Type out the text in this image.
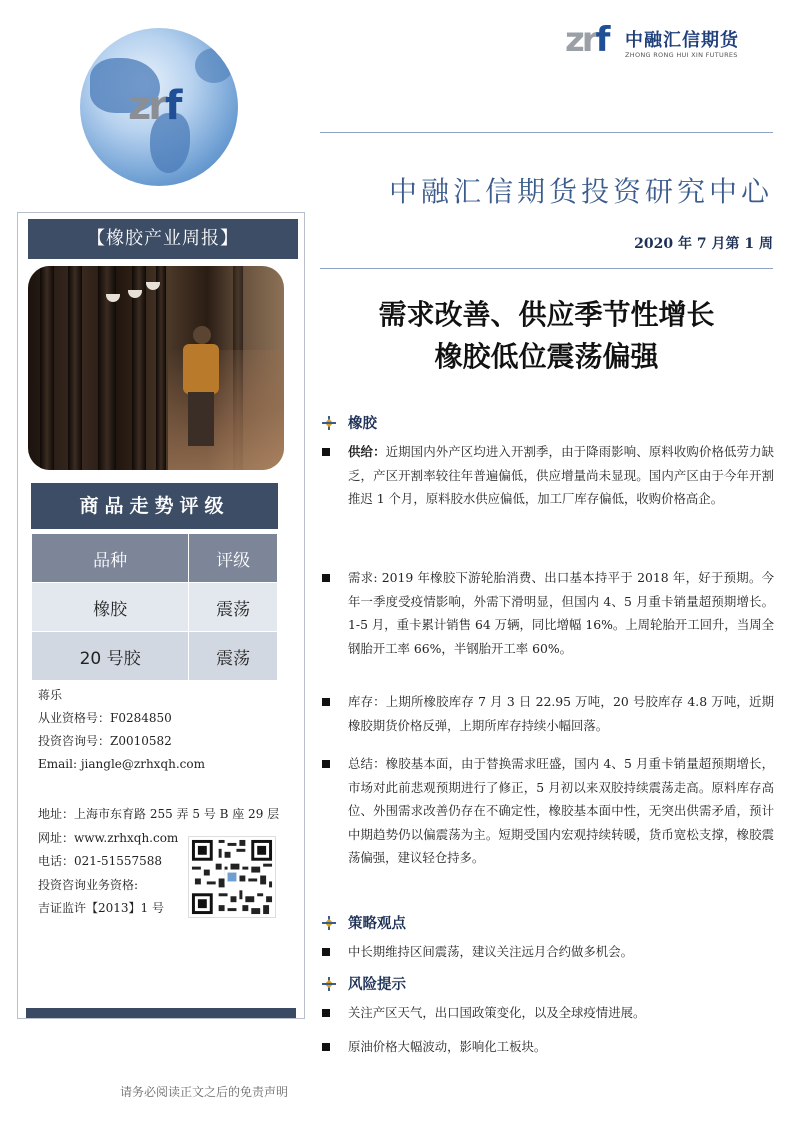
zrf
zrf 中融汇信期货
ZHONG RONG HUI XIN FUTURES
中融汇信期货投资研究中心
2020 年 7 月第 1 周
需求改善、供应季节性增长
橡胶低位震荡偏强
【橡胶产业周报】
商品走势评级
品种	评级
橡胶	震荡
20 号胶	震荡
蒋乐
从业资格号：F0284850
投资咨询号：Z0010582
Email: jiangle@zrhxqh.com
地址：上海市东育路 255 弄 5 号 B 座 29 层
网址：www.zrhxqh.com
电话：021-51557588
投资咨询业务资格:
吉证监许【2013】1 号
橡胶
供给：近期国内外产区均进入开割季，由于降雨影响、原料收购价格低劳力缺乏，产区开割率较往年普遍偏低，供应增量尚未显现。国内产区由于今年开割推迟 1 个月，原料胶水供应偏低，加工厂库存偏低，收购价格高企。
需求: 2019 年橡胶下游轮胎消费、出口基本持平于 2018 年，好于预期。今年一季度受疫情影响，外需下滑明显，但国内 4、5 月重卡销量超预期增长。1-5 月，重卡累计销售 64 万辆，同比增幅 16%。上周轮胎开工回升，当周全钢胎开工率 66%，半钢胎开工率 60%。
库存：上期所橡胶库存 7 月 3 日 22.95 万吨，20 号胶库存 4.8 万吨，近期橡胶期货价格反弹，上期所库存持续小幅回落。
总结：橡胶基本面，由于替换需求旺盛，国内 4、5 月重卡销量超预期增长，市场对此前悲观预期进行了修正，5 月初以来双胶持续震荡走高。原料库存高位、外围需求改善仍存在不确定性，橡胶基本面中性，无突出供需矛盾，预计中期趋势仍以偏震荡为主。短期受国内宏观持续转暖，货币宽松支撑，橡胶震荡偏强，建议轻仓持多。
策略观点
中长期维持区间震荡，建议关注远月合约做多机会。
风险提示
关注产区天气，出口国政策变化，以及全球疫情进展。
原油价格大幅波动，影响化工板块。
请务必阅读正文之后的免责声明
